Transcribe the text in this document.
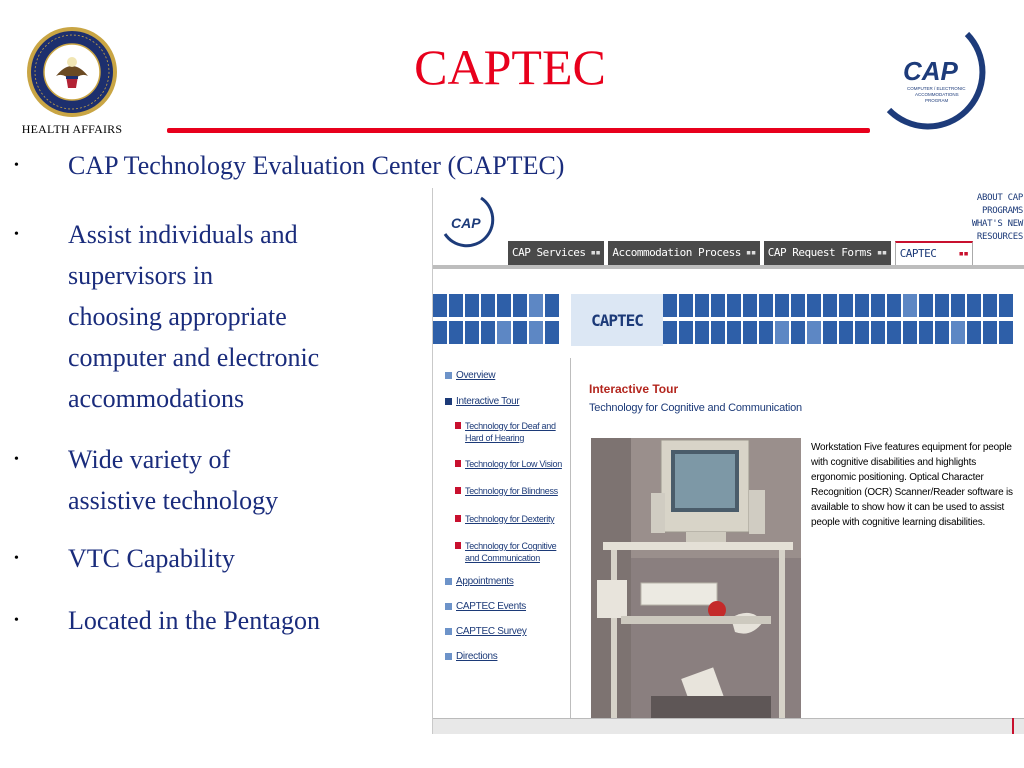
HEALTH AFFAIRS
CAPTEC	CAP
COMPUTER / ELECTRONIC
ACCOMMODATIONS
PROGRAM
•	CAP Technology Evaluation Center (CAPTEC)
•	Assist individuals and
supervisors in
choosing appropriate
computer and electronic
accommodations
•	Wide variety of
assistive technology
•	VTC Capability
•	Located in the Pentagon
CAP
CAP Services ▪▪ Accommodation Process ▪▪ CAP Request Forms ▪▪ CAPTEC ▪▪
ABOUT CAP
PROGRAMS
WHAT'S NEW
RESOURCES
CAPTEC
Overview
Interactive Tour
Technology for Deaf and
Hard of Hearing
Technology for Low Vision
Technology for Blindness
Technology for Dexterity
Technology for Cognitive
and Communication
Appointments
CAPTEC Events
CAPTEC Survey
Directions
Interactive Tour
Technology for Cognitive and Communication
Workstation Five features equipment for people with cognitive disabilities and highlights ergonomic positioning. Optical Character Recognition (OCR) Scanner/Reader software is available to show how it can be used to assist people with cognitive learning disabilities.
